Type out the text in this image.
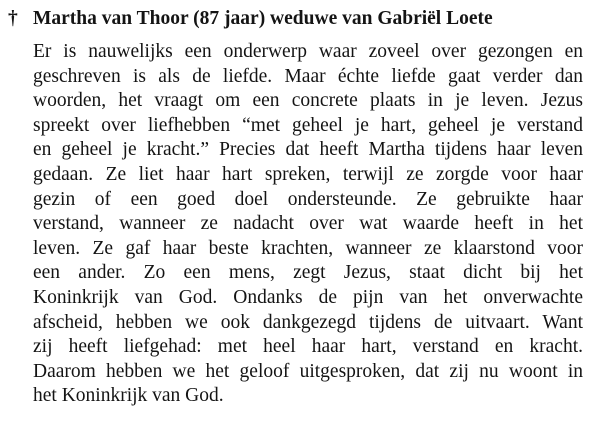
† Martha van Thoor (87 jaar) weduwe van Gabriël Loete
Er is nauwelijks een onderwerp waar zoveel over gezongen en
geschreven is als de liefde. Maar échte liefde gaat verder dan
woorden, het vraagt om een concrete plaats in je leven. Jezus
spreekt over liefhebben “met geheel je hart, geheel je verstand
en geheel je kracht.” Precies dat heeft Martha tijdens haar leven
gedaan. Ze liet haar hart spreken, terwijl ze zorgde voor haar
gezin of een goed doel ondersteunde. Ze gebruikte haar
verstand, wanneer ze nadacht over wat waarde heeft in het
leven. Ze gaf haar beste krachten, wanneer ze klaarstond voor
een ander. Zo een mens, zegt Jezus, staat dicht bij het
Koninkrijk van God. Ondanks de pijn van het onverwachte
afscheid, hebben we ook dankgezegd tijdens de uitvaart. Want
zij heeft liefgehad: met heel haar hart, verstand en kracht.
Daarom hebben we het geloof uitgesproken, dat zij nu woont in
het Koninkrijk van God.
